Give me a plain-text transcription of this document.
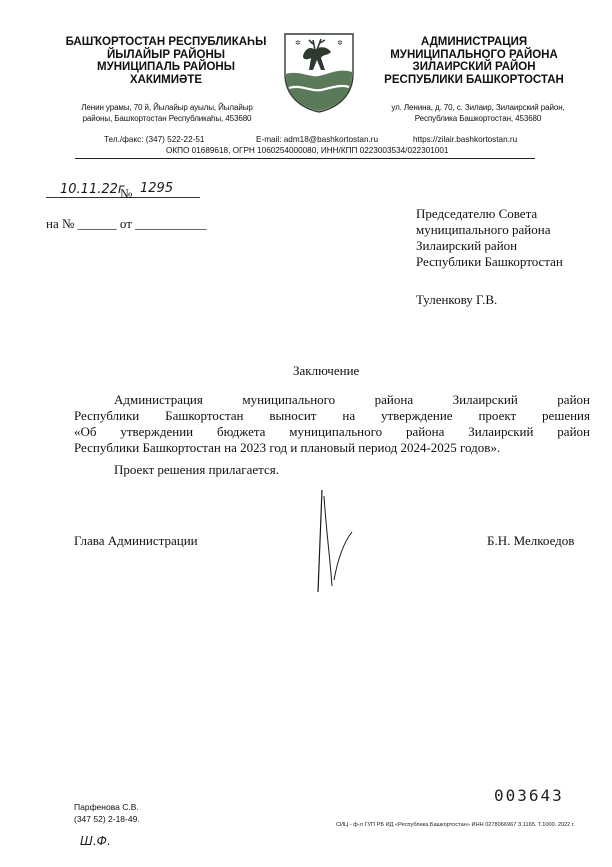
БАШҠОРТОСТАН РЕСПУБЛИКАҺЫ
ЙЫЛАЙЫР РАЙОНЫ
МУНИЦИПАЛЬ РАЙОНЫ
ХАКИМИӘТЕ
Ленин урамы, 70 й, Йылайыр ауылы, Йылайыр
районы, Башҡортостан Республикаһы, 453680
АДМИНИСТРАЦИЯ
МУНИЦИПАЛЬНОГО РАЙОНА
ЗИЛАИРСКИЙ РАЙОН
РЕСПУБЛИКИ БАШКОРТОСТАН
ул. Ленина, д. 70, с. Зилаир, Зилаирский район,
Республика Башкортостан, 453680
✲	✲
Тел./факс: (347) 522-22-51	E-mail: adm18@bashkortostan.ru	https://zilair.bashkortostan.ru
ОКПО 01689618, ОГРН 1060254000080, ИНН/КПП 0223003534/022301001
10.11.22г
№ 1295
на № ______ от ___________
Председателю Совета
муниципального района
Зилаирский район
Республики Башкортостан
Туленкову Г.В.
Заключение
Администрация муниципального района Зилаирский район
Республики Башкортостан выносит на утверждение проект решения
«Об утверждении бюджета муниципального района Зилаирский район
Республики Башкортостан на 2023 год и плановый период 2024-2025 годов».
Проект решения прилагается.
Глава Администрации	Б.Н. Мелкоедов
Парфенова С.В.
(347 52) 2-18-49.
Ш.Ф.
003643
СИЦ - ф-л ГУП РБ ИД «Республика Башкортостан» ИНН 0278066967 З.1165. Т.1000. 2022 г.
